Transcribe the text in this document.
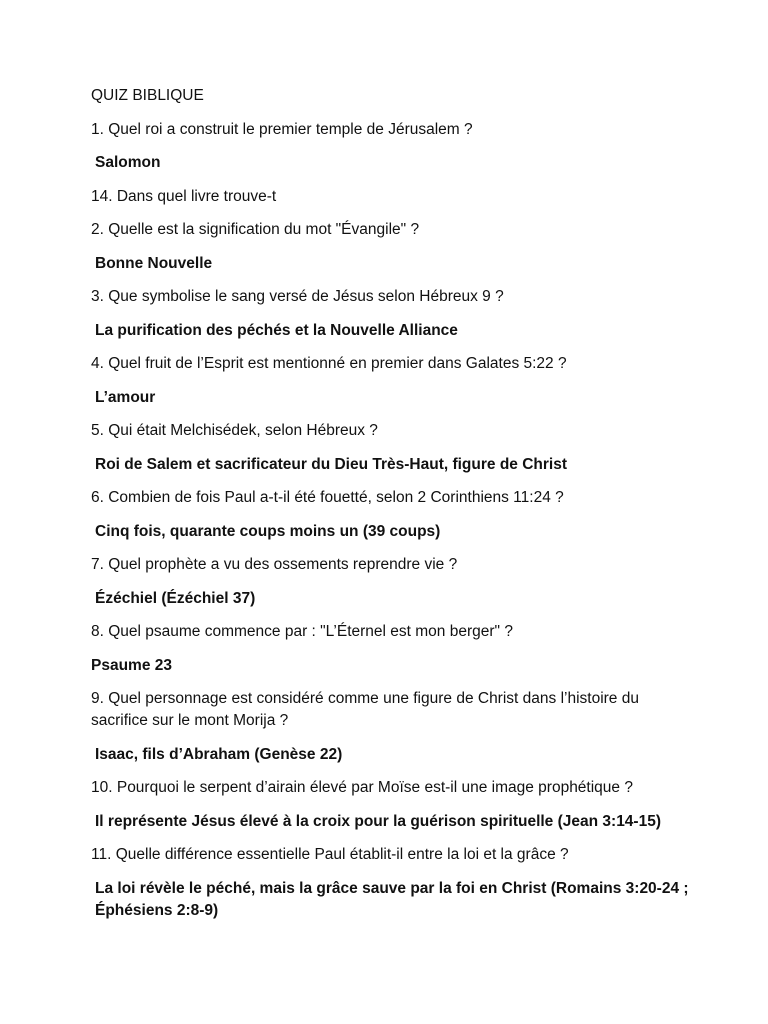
QUIZ BIBLIQUE
1. Quel roi a construit le premier temple de Jérusalem ?
Salomon
14. Dans quel livre trouve-t
2. Quelle est la signification du mot "Évangile" ?
Bonne Nouvelle
3. Que symbolise le sang versé de Jésus selon Hébreux 9 ?
La purification des péchés et la Nouvelle Alliance
4. Quel fruit de l’Esprit est mentionné en premier dans Galates 5:22 ?
L’amour
5. Qui était Melchisédek, selon Hébreux ?
Roi de Salem et sacrificateur du Dieu Très-Haut, figure de Christ
6. Combien de fois Paul a-t-il été fouetté, selon 2 Corinthiens 11:24 ?
Cinq fois, quarante coups moins un (39 coups)
7. Quel prophète a vu des ossements reprendre vie ?
Ézéchiel (Ézéchiel 37)
8. Quel psaume commence par : "L’Éternel est mon berger" ?
Psaume 23
9. Quel personnage est considéré comme une figure de Christ dans l’histoire du sacrifice sur le mont Morija ?
Isaac, fils d’Abraham (Genèse 22)
10. Pourquoi le serpent d’airain élevé par Moïse est-il une image prophétique ?
Il représente Jésus élevé à la croix pour la guérison spirituelle (Jean 3:14-15)
11. Quelle différence essentielle Paul établit-il entre la loi et la grâce ?
La loi révèle le péché, mais la grâce sauve par la foi en Christ (Romains 3:20-24 ; Éphésiens 2:8-9)
